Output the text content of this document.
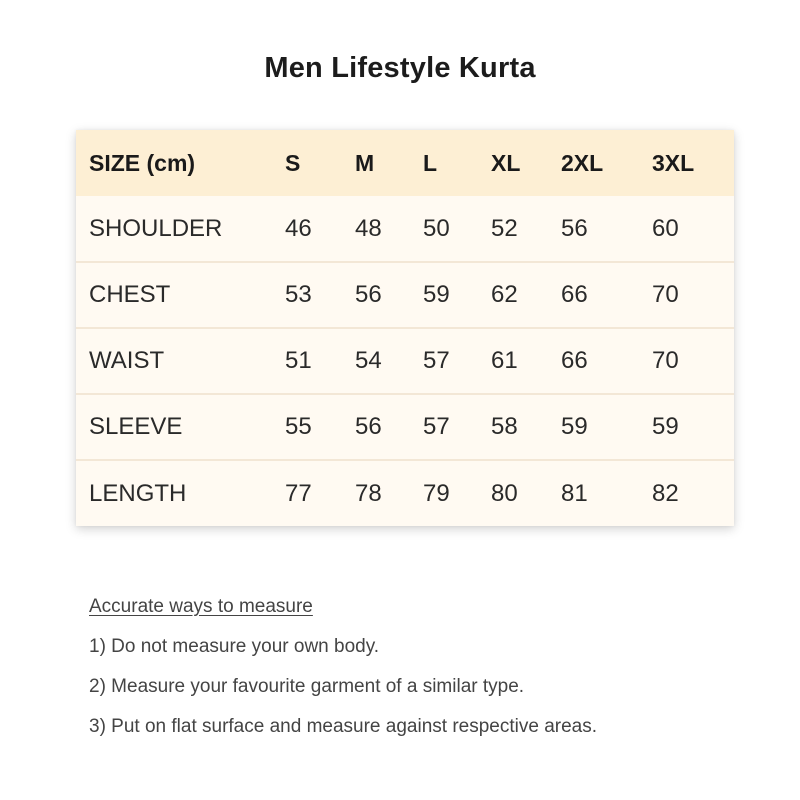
Men Lifestyle Kurta
SIZE (cm)	S	M	L	XL	2XL	3XL
SHOULDER	46	48	50	52	56	60
CHEST	53	56	59	62	66	70
WAIST	51	54	57	61	66	70
SLEEVE	55	56	57	58	59	59
LENGTH	77	78	79	80	81	82

Accurate ways to measure

1) Do not measure your own body.

2) Measure your favourite garment of a similar type.

3) Put on flat surface and measure against respective areas.
